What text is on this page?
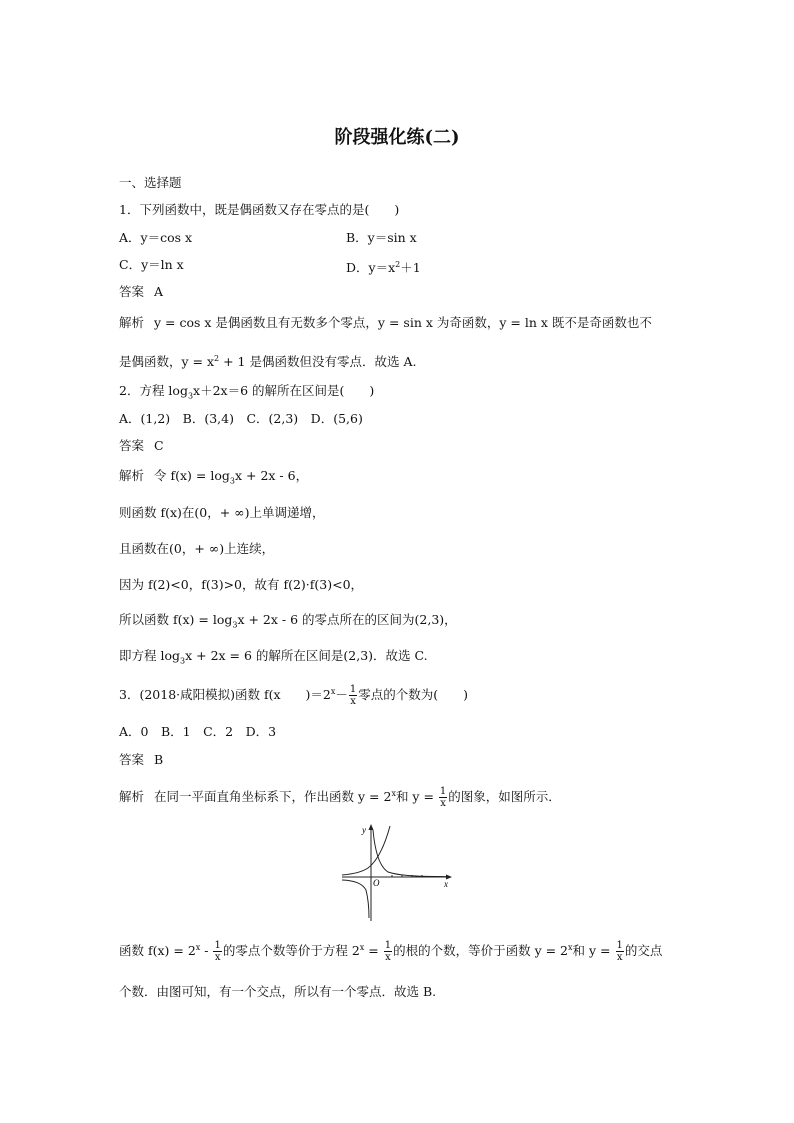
阶段强化练(二)
一、选择题
1．下列函数中，既是偶函数又存在零点的是(　　)
A．y＝cos x	B．y＝sin x
C．y＝ln x	D．$y=x^2+1$
答案 A
解析 y = cos x 是偶函数且有无数多个零点，y = sin x 为奇函数，y = ln x 既不是奇函数也不
是偶函数，$y = x^2 + 1$ 是偶函数但没有零点．故选 A.
2．方程 $\log_3x+2x=6$ 的解所在区间是(　　)
A．(1,2)　B．(3,4)　C．(2,3)　D．(5,6)
答案 C
解析 令 $f(x) = \log_3x + 2x - 6$，
则函数 f(x)在(0，+ ∞)上单调递增，
且函数在(0，+ ∞)上连续，
因为 f(2)<0，f(3)>0，故有 f(2)·f(3)<0，
所以函数 $f(x) = \log_3x + 2x - 6$ 的零点所在的区间为(2,3)，
即方程 $\log_3x + 2x = 6$ 的解所在区间是(2,3)．故选 C.
3．(2018·咸阳模拟)函数 f(x　　)$=2^x- \frac{1}{x}$ 零点的个数为(　　)
A．0　B．1　C．2　D．3
答案 B
解析 在同一平面直角坐标系下，作出函数 $y = 2^x$和 $y = \frac{1}{x}$ 的图象，如图所示．
y
x
O
函数 $f(x) = 2^x - \frac{1}{x}$ 的零点个数等价于方程 $2^x = \frac{1}{x}$ 的根的个数，等价于函数 $y = 2^x$和 $y = \frac{1}{x}$ 的交点
个数．由图可知，有一个交点，所以有一个零点．故选 B.
